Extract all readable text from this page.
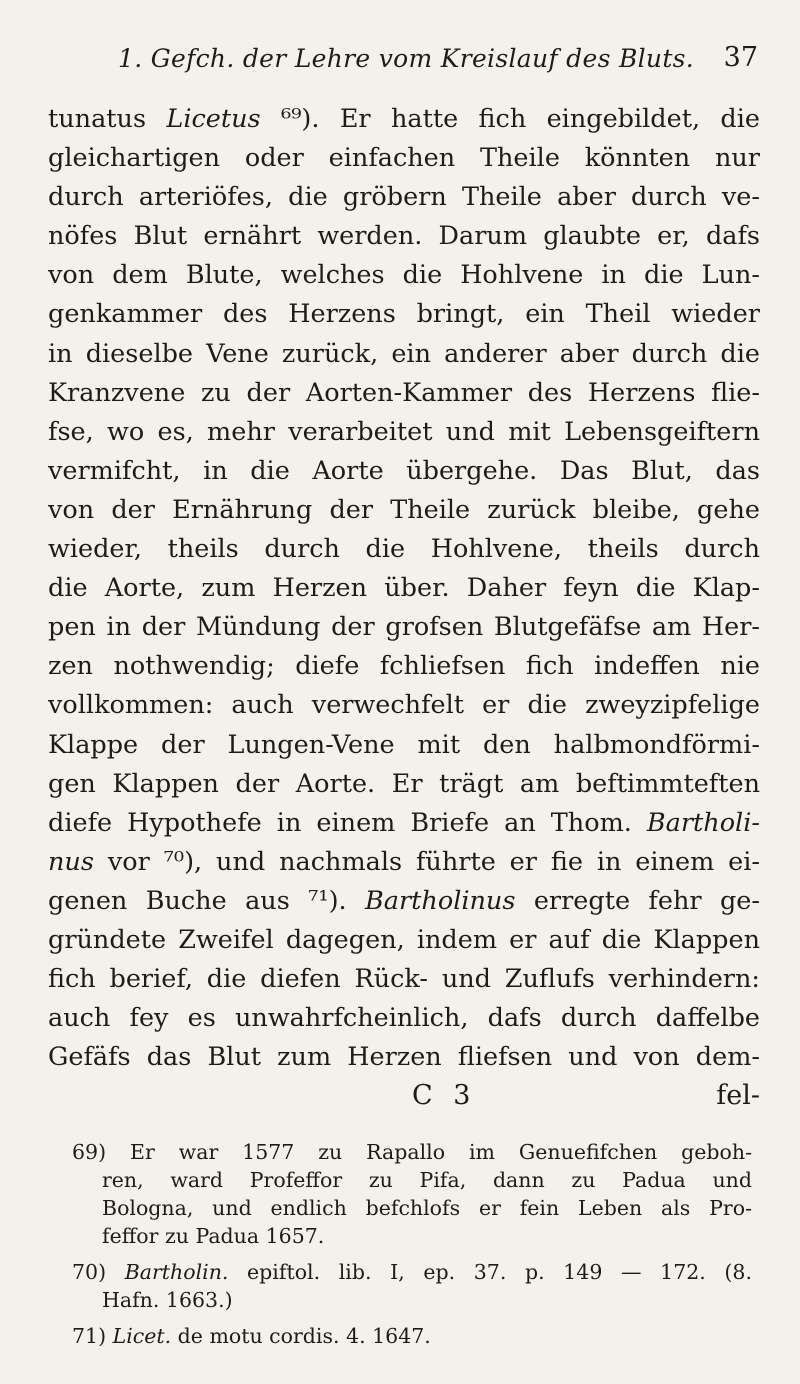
1. Gefch. der Lehre vom Kreislauf des Bluts. 37
tunatus Licetus ⁶⁹). Er hatte fich eingebildet, die
gleichartigen oder einfachen Theile könnten nur
durch arteriöfes, die gröbern Theile aber durch ve-
nöfes Blut ernährt werden. Darum glaubte er, dafs
von dem Blute, welches die Hohlvene in die Lun-
genkammer des Herzens bringt, ein Theil wieder
in dieselbe Vene zurück, ein anderer aber durch die
Kranzvene zu der Aorten-Kammer des Herzens flie-
fse, wo es, mehr verarbeitet und mit Lebensgeiftern
vermifcht, in die Aorte übergehe. Das Blut, das
von der Ernährung der Theile zurück bleibe, gehe
wieder, theils durch die Hohlvene, theils durch
die Aorte, zum Herzen über. Daher feyn die Klap-
pen in der Mündung der grofsen Blutgefäfse am Her-
zen nothwendig; diefe fchliefsen fich indeffen nie
vollkommen: auch verwechfelt er die zweyzipfelige
Klappe der Lungen-Vene mit den halbmondförmi-
gen Klappen der Aorte. Er trägt am beftimmteften
diefe Hypothefe in einem Briefe an Thom. Bartholi-
nus vor ⁷⁰), und nachmals führte er fie in einem ei-
genen Buche aus ⁷¹). Bartholinus erregte fehr ge-
gründete Zweifel dagegen, indem er auf die Klappen
fich berief, die diefen Rück- und Zuflufs verhindern:
auch fey es unwahrfcheinlich, dafs durch daffelbe
Gefäfs das Blut zum Herzen fliefsen und von dem-
C 3	fel-
69) Er war 1577 zu Rapallo im Genuefifchen geboh-
ren, ward Profeffor zu Pifa, dann zu Padua und
Bologna, und endlich befchlofs er fein Leben als Pro-
feffor zu Padua 1657.
70) Bartholin. epiftol. lib. I, ep. 37. p. 149 — 172. (8.
Hafn. 1663.)
71) Licet. de motu cordis. 4. 1647.
